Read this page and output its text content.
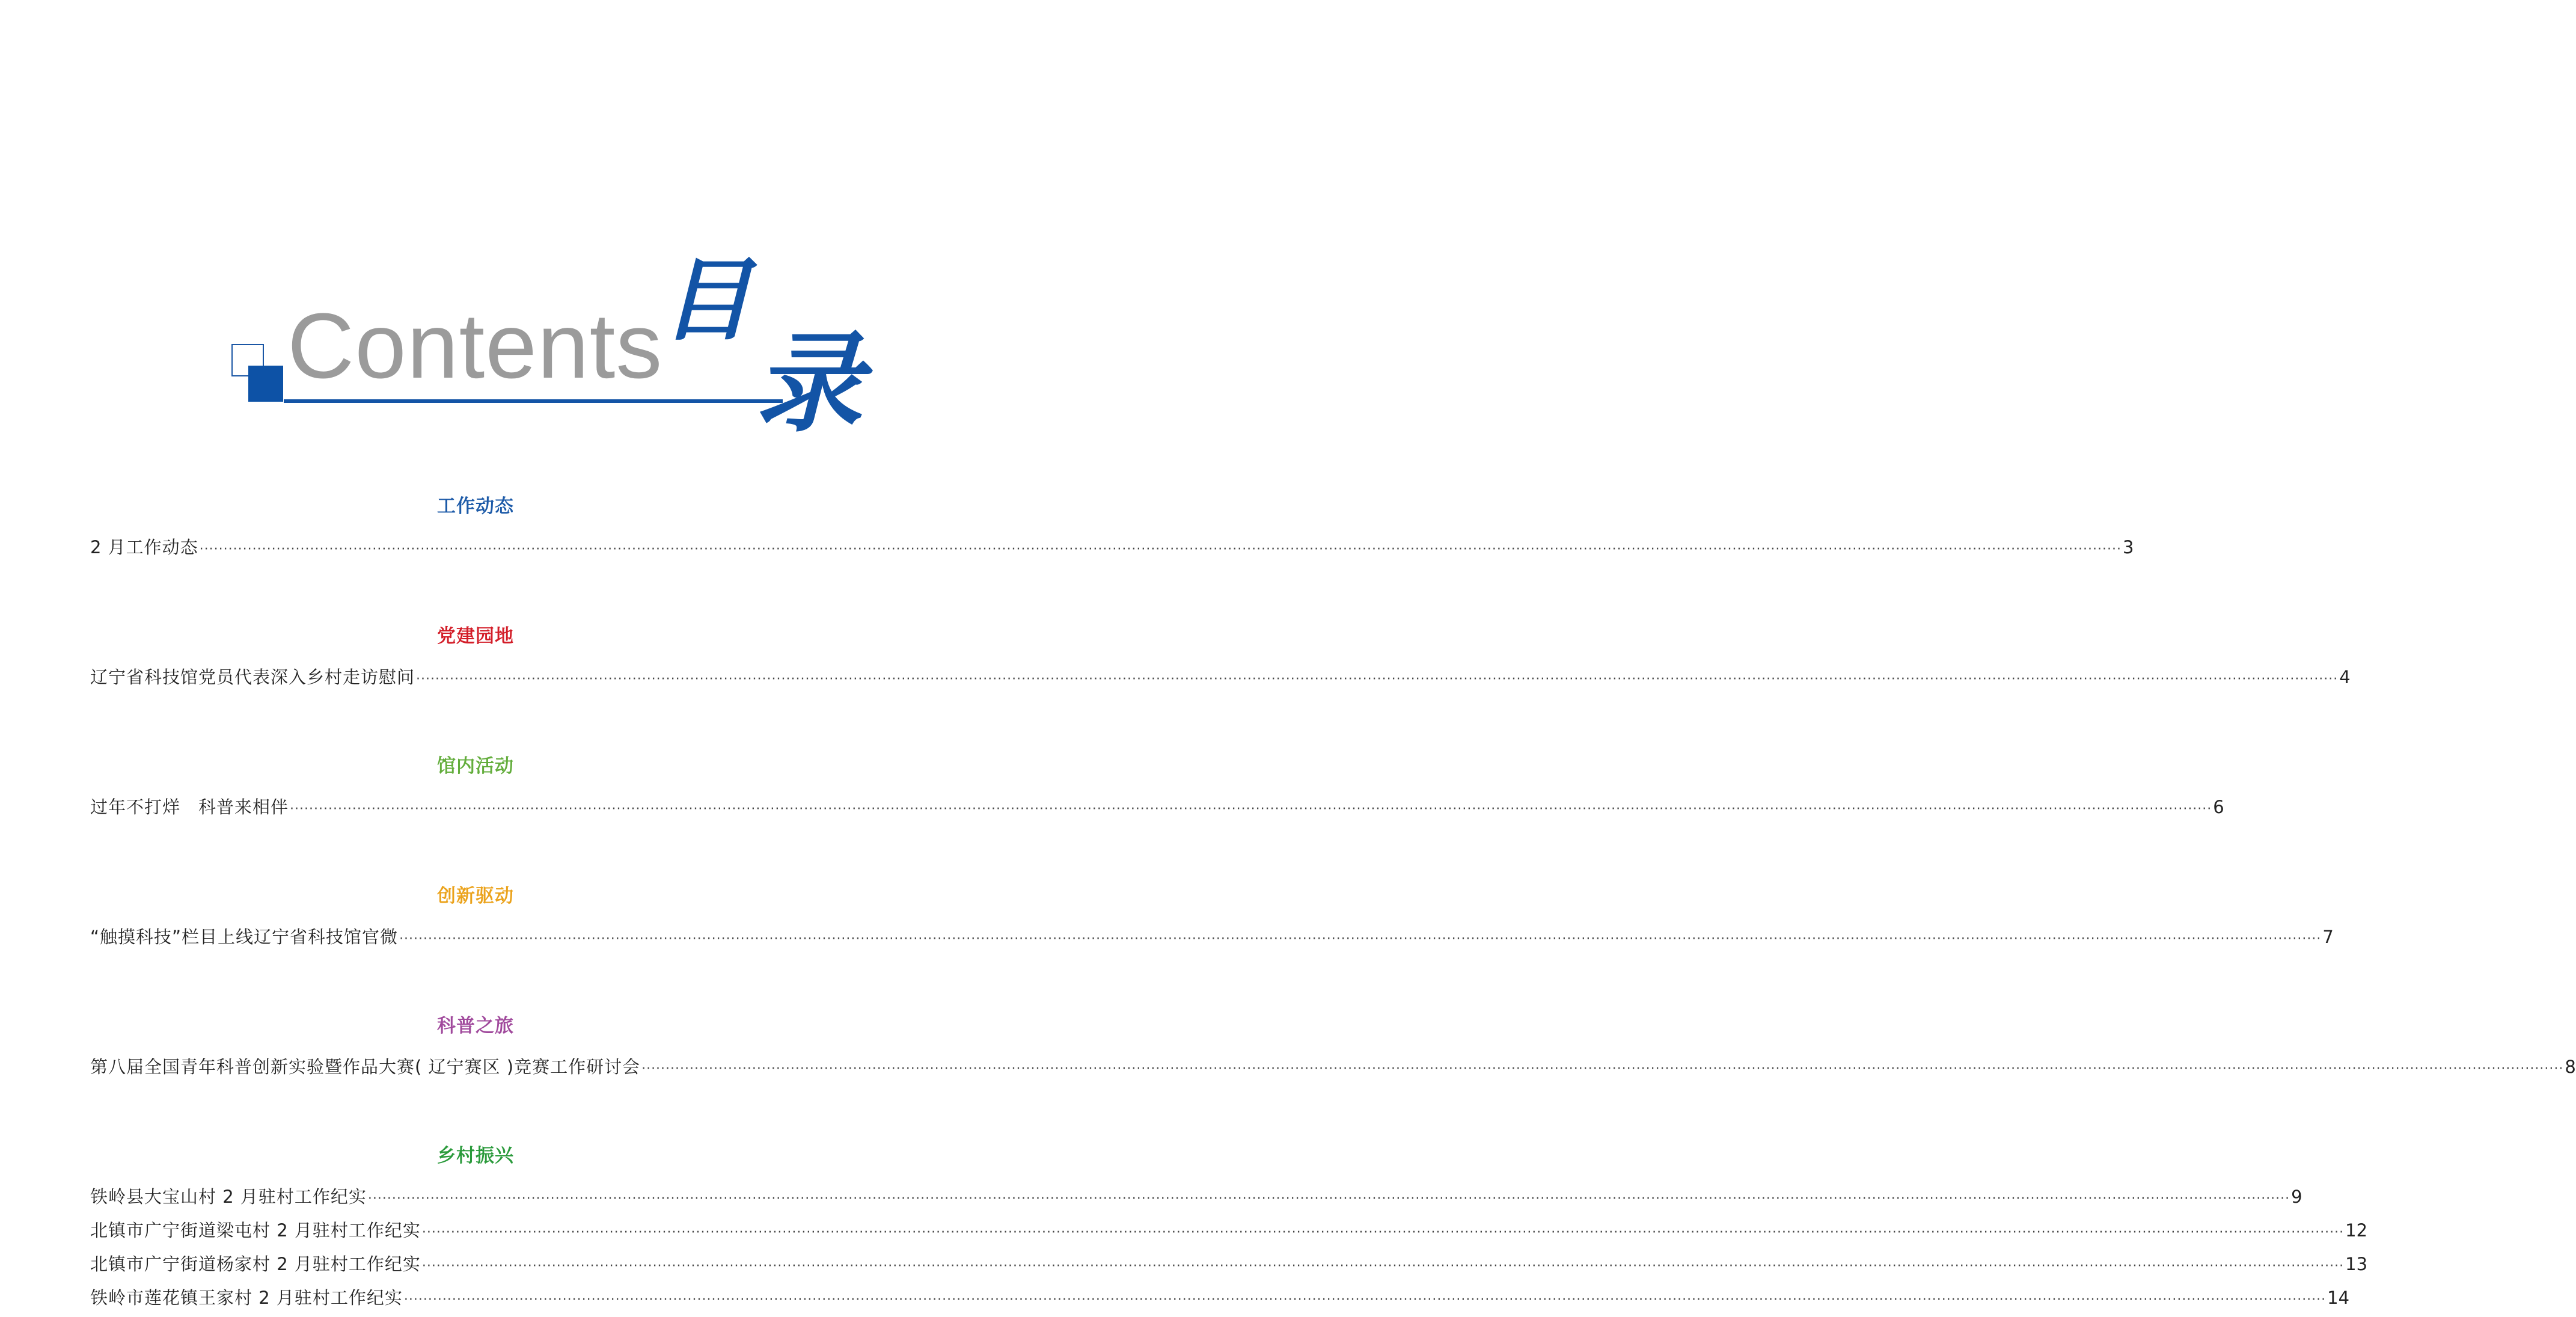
Contents
目
录
工作动态
2 月工作动态 ················································································································································································································································································································································································································ 3
党建园地
辽宁省科技馆党员代表深入乡村走访慰问 ················································································································································································································································································································································································································ 4
馆内活动
过年不打烊　科普来相伴 ················································································································································································································································································································································································································ 6
创新驱动
“触摸科技”栏目上线辽宁省科技馆官微 ················································································································································································································································································································································································································ 7
科普之旅
第八届全国青年科普创新实验暨作品大赛( 辽宁赛区 )竞赛工作研讨会 ················································································································································································································································································································································································································ 8
乡村振兴
铁岭县大宝山村 2 月驻村工作纪实 ················································································································································································································································································································································································································ 9
北镇市广宁街道梁屯村 2 月驻村工作纪实 ················································································································································································································································································································································································································ 12
北镇市广宁街道杨家村 2 月驻村工作纪实 ················································································································································································································································································································································································································ 13
铁岭市莲花镇王家村 2 月驻村工作纪实 ················································································································································································································································································································································································································ 14
